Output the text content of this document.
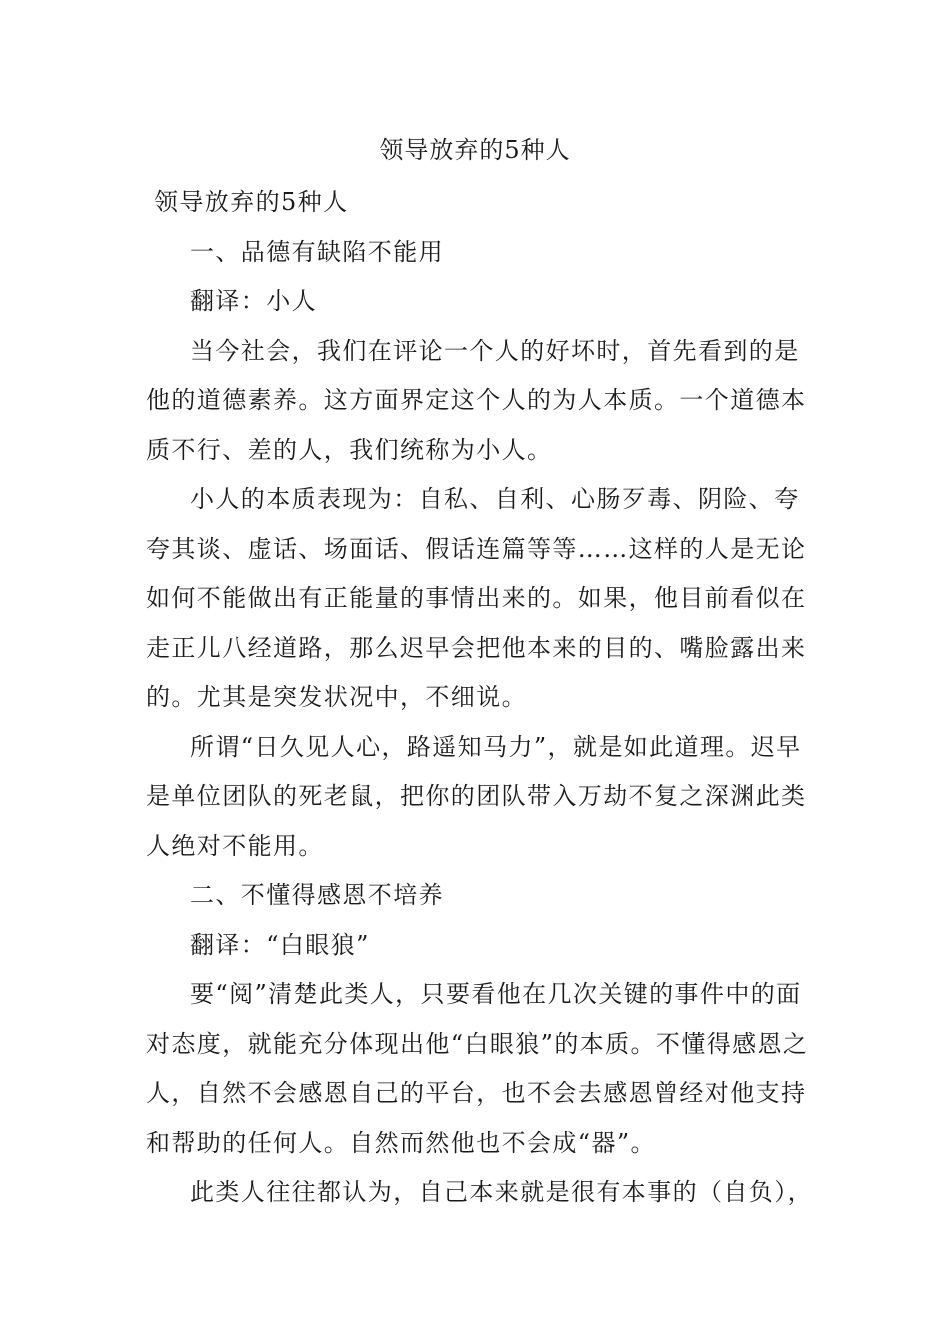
领导放弃的5种人

领导放弃的5种人

一、品德有缺陷不能用

翻译：小人

当今社会，我们在评论一个人的好坏时，首先看到的是他的道德素养。这方面界定这个人的为人本质。一个道德本质不行、差的人，我们统称为小人。

小人的本质表现为：自私、自利、心肠歹毒、阴险、夸夸其谈、虚话、场面话、假话连篇等等……这样的人是无论如何不能做出有正能量的事情出来的。如果，他目前看似在走正儿八经道路，那么迟早会把他本来的目的、嘴脸露出来的。尤其是突发状况中，不细说。

所谓“日久见人心，路遥知马力”，就是如此道理。迟早是单位团队的死老鼠，把你的团队带入万劫不复之深渊此类人绝对不能用。

二、不懂得感恩不培养

翻译：“白眼狼”

要“阅”清楚此类人，只要看他在几次关键的事件中的面对态度，就能充分体现出他“白眼狼”的本质。不懂得感恩之人，自然不会感恩自己的平台，也不会去感恩曾经对他支持和帮助的任何人。自然而然他也不会成“器”。

此类人往往都认为，自己本来就是很有本事的（自负），
